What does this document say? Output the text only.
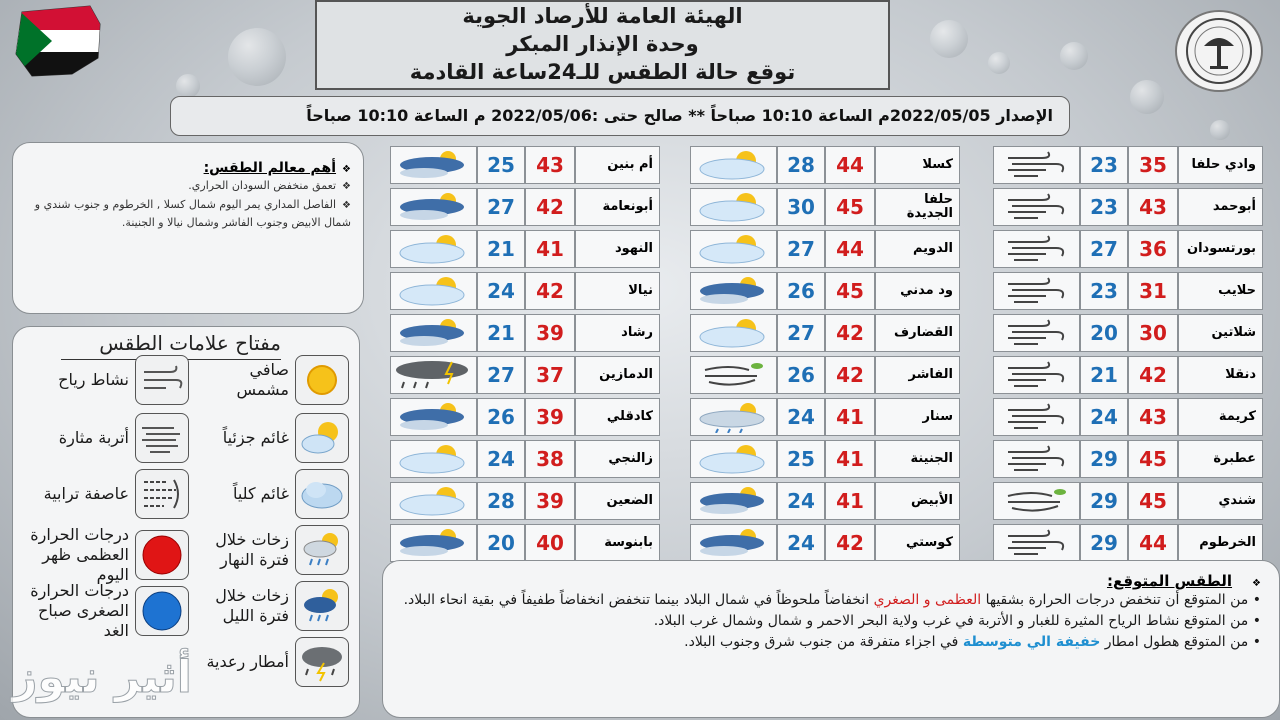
الهيئة العامة للأرصاد الجوية
وحدة الإنذار المبكر
توقع حالة الطقس للـ24ساعة القادمة
الإصدار 2022/05/05م الساعة 10:10 صباحاً ** صالح حتى :2022/05/06 م الساعة 10:10 صباحاً
❖أهم معالم الطقس:
❖تعمق منخفض السودان الحراري.
❖الفاصل المداري يمر اليوم شمال كسلا , الخرطوم و جنوب شندي و شمال الابيض وجنوب الفاشر وشمال نيالا و الجنينة.
مفتاح علامات الطقس
صافي مشمس
نشاط رياح
غائم جزئياً
أتربة مثارة
غائم كلياً
عاصفة ترابية
زخات خلال فترة النهار
درجات الحرارة العظمى ظهر اليوم
زخات خلال فترة الليل
درجات الحرارة الصغرى صباح الغد
أمطار رعدية
وادي حلفا
35
23
أبوحمد
43
23
بورتسودان
36
27
حلايب
31
23
شلاتين
30
20
دنقلا
42
21
كريمة
43
24
عطبرة
45
29
شندي
45
29
الخرطوم
44
29
كسلا
44
28
حلفا الجديدة
45
30
الدويم
44
27
ود مدني
45
26
القضارف
42
27
الفاشر
42
26
سنار
41
24
الجنينة
41
25
الأبيض
41
24
كوستي
42
24
أم بنين
43
25
أبونعامة
42
27
النهود
41
21
نيالا
42
24
رشاد
39
21
الدمازين
37
27
كادقلي
39
26
زالنجي
38
24
الضعين
39
28
بابنوسة
40
20
❖الطقس المتوقع:
• من المتوقع أن تنخفض درجات الحرارة بشقيها العظمى و الصغري انخفاضاً ملحوظاً في شمال البلاد بينما تنخفض انخفاضاً طفيفاً في بقية انحاء البلاد.
• من المتوقع نشاط الرياح المثيرة للغبار و الأتربة في غرب ولاية البحر الاحمر و شمال وشمال غرب البلاد.
• من المتوقع هطول امطار خفيفة الي متوسطة في اجزاء متفرقة من جنوب شرق وجنوب البلاد.
أثير نيوز
